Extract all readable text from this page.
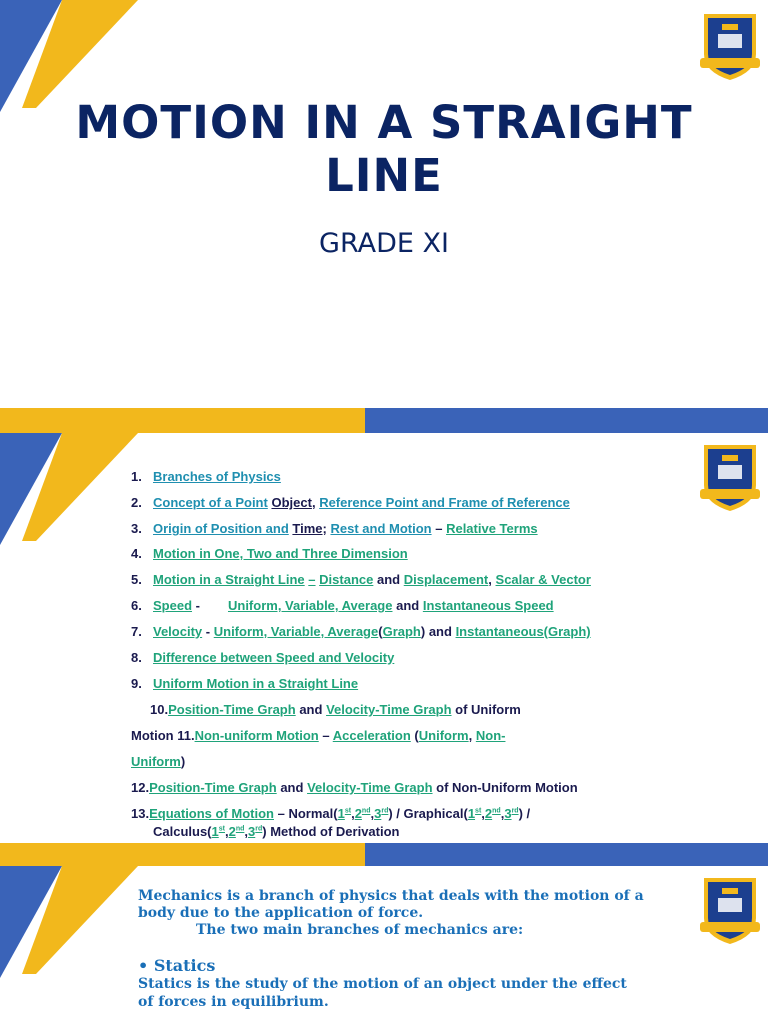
MOTION IN A STRAIGHT LINE

GRADE XI

1. Branches of Physics
2. Concept of a Point Object, Reference Point and Frame of Reference
3. Origin of Position and Time; Rest and Motion – Relative Terms
4. Motion in One, Two and Three Dimension
5. Motion in a Straight Line – Distance and Displacement, Scalar & Vector
6. Speed - Uniform, Variable, Average and Instantaneous Speed
7. Velocity - Uniform, Variable, Average(Graph) and Instantaneous(Graph)
8. Difference between Speed and Velocity
9. Uniform Motion in a Straight Line
10.Position-Time Graph and Velocity-Time Graph of Uniform
Motion 11.Non-uniform Motion – Acceleration (Uniform, Non-
Uniform)
12.Position-Time Graph and Velocity-Time Graph of Non-Uniform Motion
13.Equations of Motion – Normal(1st,2nd,3rd) / Graphical(1st,2nd,3rd) /
Calculus(1st,2nd,3rd) Method of Derivation

Mechanics is a branch of physics that deals with the motion of a

body due to the application of force.

The two main branches of mechanics are:

• Statics

Statics is the study of the motion of an object under the effect

of forces in equilibrium.
